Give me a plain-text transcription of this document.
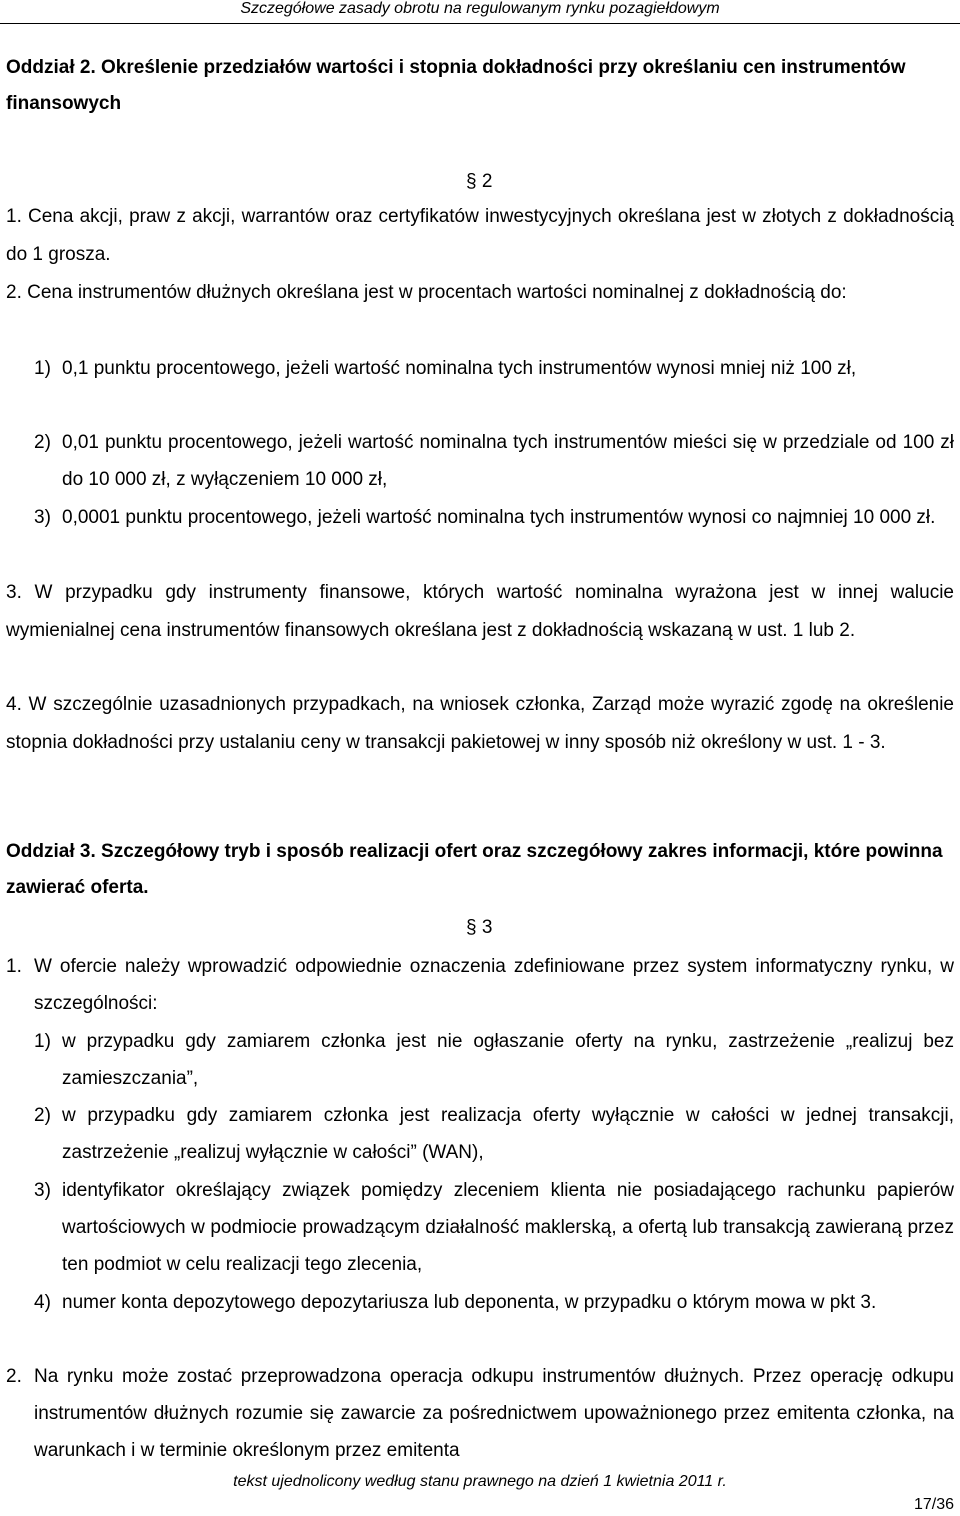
Szczegółowe zasady obrotu na regulowanym rynku pozagiełdowym

Oddział 2. Określenie przedziałów wartości i stopnia dokładności przy określaniu cen instrumentów finansowych

§ 2

1. Cena akcji, praw z akcji, warrantów oraz certyfikatów inwestycyjnych określana jest w złotych z dokładnością do 1 grosza.

2. Cena instrumentów dłużnych określana jest w procentach wartości nominalnej z dokładnością do:

1) 0,1 punktu procentowego, jeżeli wartość nominalna tych instrumentów wynosi mniej niż 100 zł,
2) 0,01 punktu procentowego, jeżeli wartość nominalna tych instrumentów mieści się w przedziale od 100 zł do 10 000 zł, z wyłączeniem 10 000 zł,
3) 0,0001 punktu procentowego, jeżeli wartość nominalna tych instrumentów wynosi co najmniej 10 000 zł.

3. W przypadku gdy instrumenty finansowe, których wartość nominalna wyrażona jest w innej walucie wymienialnej cena instrumentów finansowych określana jest z dokładnością wskazaną w ust. 1 lub 2.

4. W szczególnie uzasadnionych przypadkach, na wniosek członka, Zarząd może wyrazić zgodę na określenie stopnia dokładności przy ustalaniu ceny w transakcji pakietowej w inny sposób niż określony w ust. 1 - 3.

Oddział 3. Szczegółowy tryb i sposób realizacji ofert oraz szczegółowy zakres informacji, które powinna zawierać oferta.

§ 3
1. W ofercie należy wprowadzić odpowiednie oznaczenia zdefiniowane przez system informatyczny rynku, w szczególności:
1) w przypadku gdy zamiarem członka jest nie ogłaszanie oferty na rynku, zastrzeżenie „realizuj bez zamieszczania”,
2) w przypadku gdy zamiarem członka jest realizacja oferty wyłącznie w całości w jednej transakcji, zastrzeżenie „realizuj wyłącznie w całości” (WAN),
3) identyfikator określający związek pomiędzy zleceniem klienta nie posiadającego rachunku papierów wartościowych w podmiocie prowadzącym działalność maklerską, a ofertą lub transakcją zawieraną przez ten podmiot w celu realizacji tego zlecenia,
4) numer konta depozytowego depozytariusza lub deponenta, w przypadku o którym mowa w pkt 3.
2. Na rynku może zostać przeprowadzona operacja odkupu instrumentów dłużnych. Przez operację odkupu instrumentów dłużnych rozumie się zawarcie za pośrednictwem upoważnionego przez emitenta członka, na warunkach i w terminie określonym przez emitenta
tekst ujednolicony według stanu prawnego na dzień 1 kwietnia 2011 r.
17/36
